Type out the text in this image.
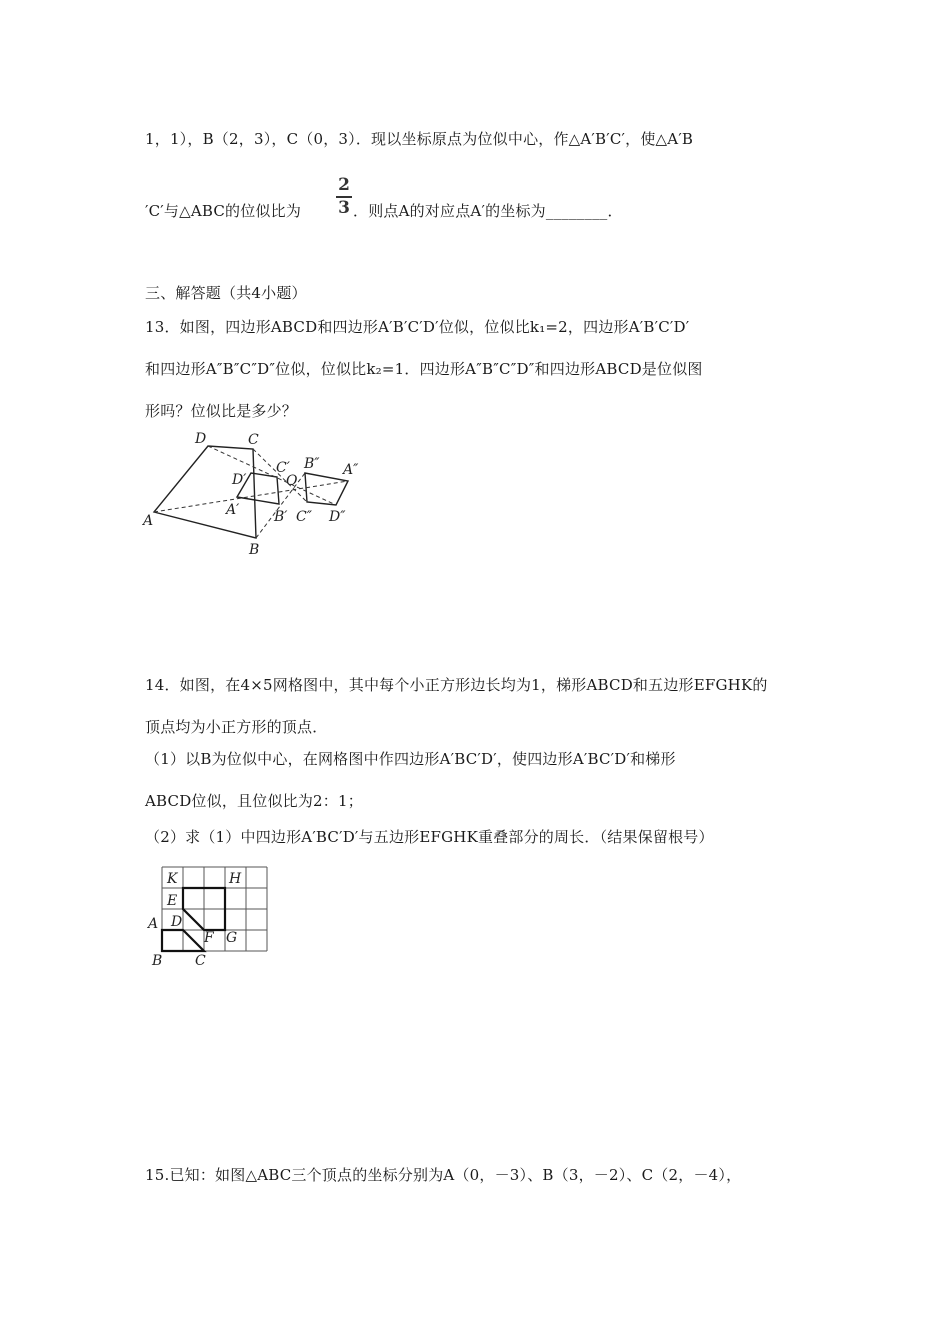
1，1），B（2，3），C（0，3）．现以坐标原点为位似中心，作△A′B′C′，使△A′B
′C′与△ABC的位似比为
2
3 ．则点A的对应点A′的坐标为________．
三、解答题（共4小题）
13．如图，四边形ABCD和四边形A′B′C′D′位似，位似比k₁=2，四边形A′B′C′D′
和四边形A″B″C″D″位似，位似比k₂=1．四边形A″B″C″D″和四边形ABCD是位似图
形吗？位似比是多少？
D	C
A
B
D′
C′
A′ B′
O
B″ A″
C″ D″
14．如图，在4×5网格图中，其中每个小正方形边长均为1，梯形ABCD和五边形EFGHK的
顶点均为小正方形的顶点．
（1）以B为位似中心，在网格图中作四边形A′BC′D′，使四边形A′BC′D′和梯形
ABCD位似，且位似比为2：1；
（2）求（1）中四边形A′BC′D′与五边形EFGHK重叠部分的周长．（结果保留根号）
K	H
E
A D
F G
B C
15.已知：如图△ABC三个顶点的坐标分别为A（0，－3）、B（3，－2）、C（2，－4），
